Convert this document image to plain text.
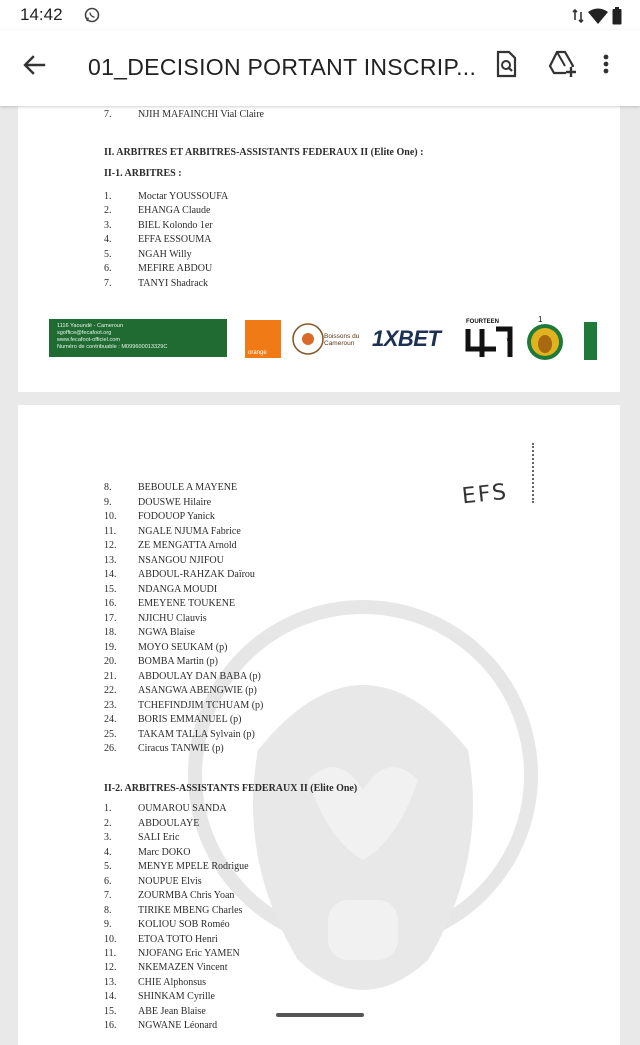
14:42
01_DECISION PORTANT INSCRIP...
7.	NJIH MAFAINCHI Vial Claire
II. ARBITRES ET ARBITRES-ASSISTANTS FEDERAUX II (Elite One) :
II-1. ARBITRES :
1.	Moctar YOUSSOUFA
2.	EHANGA Claude
3.	BIEL Kolondo 1er
4.	EFFA ESSOUMA
5.	NGAH Willy
6.	MEFIRE ABDOU
7.	TANYI Shadrack
1116 Yaoundé - Cameroun
sgoffice@fecafoot.org
www.fecafoot-officiel.com
Numéro de contribuable : M099600013329C
orange
Boissons du Cameroun 1XBET
FOURTEEN
TM
1
EFS
8.	BEBOULE A MAYENE
9.	DOUSWE Hilaire
10.	FODOUOP Yanick
11.	NGALE NJUMA Fabrice
12.	ZE MENGATTA Arnold
13.	NSANGOU NJIFOU
14.	ABDOUL-RAHZAK Daïrou
15.	NDANGA MOUDI
16.	EMEYENE TOUKENE
17.	NJICHU Clauvis
18.	NGWA Blaise
19.	MOYO SEUKAM (p)
20.	BOMBA Martin (p)
21.	ABDOULAY DAN BABA (p)
22.	ASANGWA ABENGWIE (p)
23.	TCHEFINDJIM TCHUAM (p)
24.	BORIS EMMANUEL (p)
25.	TAKAM TALLA Sylvain (p)
26.	Ciracus TANWIE (p)
II-2. ARBITRES-ASSISTANTS FEDERAUX II (Elite One)
1.	OUMAROU SANDA
2.	ABDOULAYE
3.	SALI Eric
4.	Marc DOKO
5.	MENYE MPELE Rodrigue
6.	NOUPUE Elvis
7.	ZOURMBA Chris Yoan
8.	TIRIKE MBENG Charles
9.	KOLIOU SOB Roméo
10.	ETOA TOTO Henri
11.	NJOFANG Eric YAMEN
12.	NKEMAZEN Vincent
13.	CHIE Alphonsus
14.	SHINKAM Cyrille
15.	ABE Jean Blaise
16.	NGWANE Léonard
